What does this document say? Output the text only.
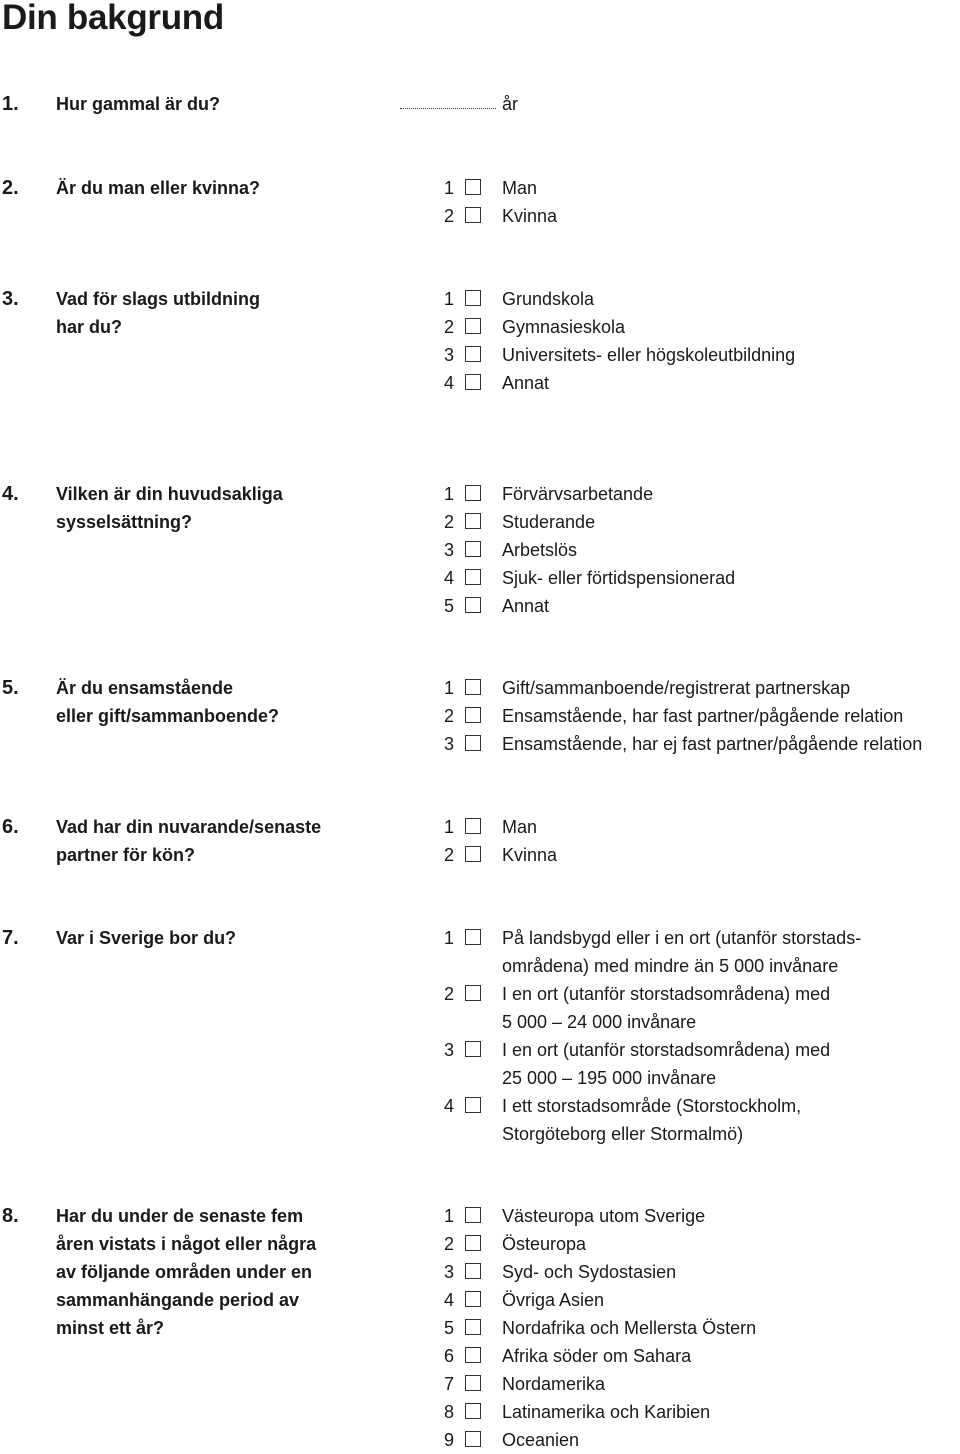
Din bakgrund
1. Hur gammal är du?	år
2. Är du man eller kvinna?	1	Man
2	Kvinna
3. Vad för slags utbildning
har du?
1	Grundskola
2	Gymnasieskola
3	Universitets- eller högskoleutbildning
4	Annat
4. Vilken är din huvudsakliga
sysselsättning?
1	Förvärvsarbetande
2	Studerande
3	Arbetslös
4	Sjuk- eller förtidspensionerad
5	Annat
5. Är du ensamstående
eller gift/sammanboende?
1	Gift/sammanboende/registrerat partnerskap
2	Ensamstående, har fast partner/pågående relation
3	Ensamstående, har ej fast partner/pågående relation
6. Vad har din nuvarande/senaste
partner för kön?
1	Man
2	Kvinna
7. Var i Sverige bor du?	1	På landsbygd eller i en ort (utanför storstads-
områdena) med mindre än 5 000 invånare
2	I en ort (utanför storstadsområdena) med
5 000 – 24 000 invånare
3	I en ort (utanför storstadsområdena) med
25 000 – 195 000 invånare
4	I ett storstadsområde (Storstockholm,
Storgöteborg eller Stormalmö)
8. Har du under de senaste fem
åren vistats i något eller några
av följande områden under en
sammanhängande period av
minst ett år?
1	Västeuropa utom Sverige
2	Östeuropa
3	Syd- och Sydostasien
4	Övriga Asien
5	Nordafrika och Mellersta Östern
6	Afrika söder om Sahara
7	Nordamerika
8	Latinamerika och Karibien
9	Oceanien
